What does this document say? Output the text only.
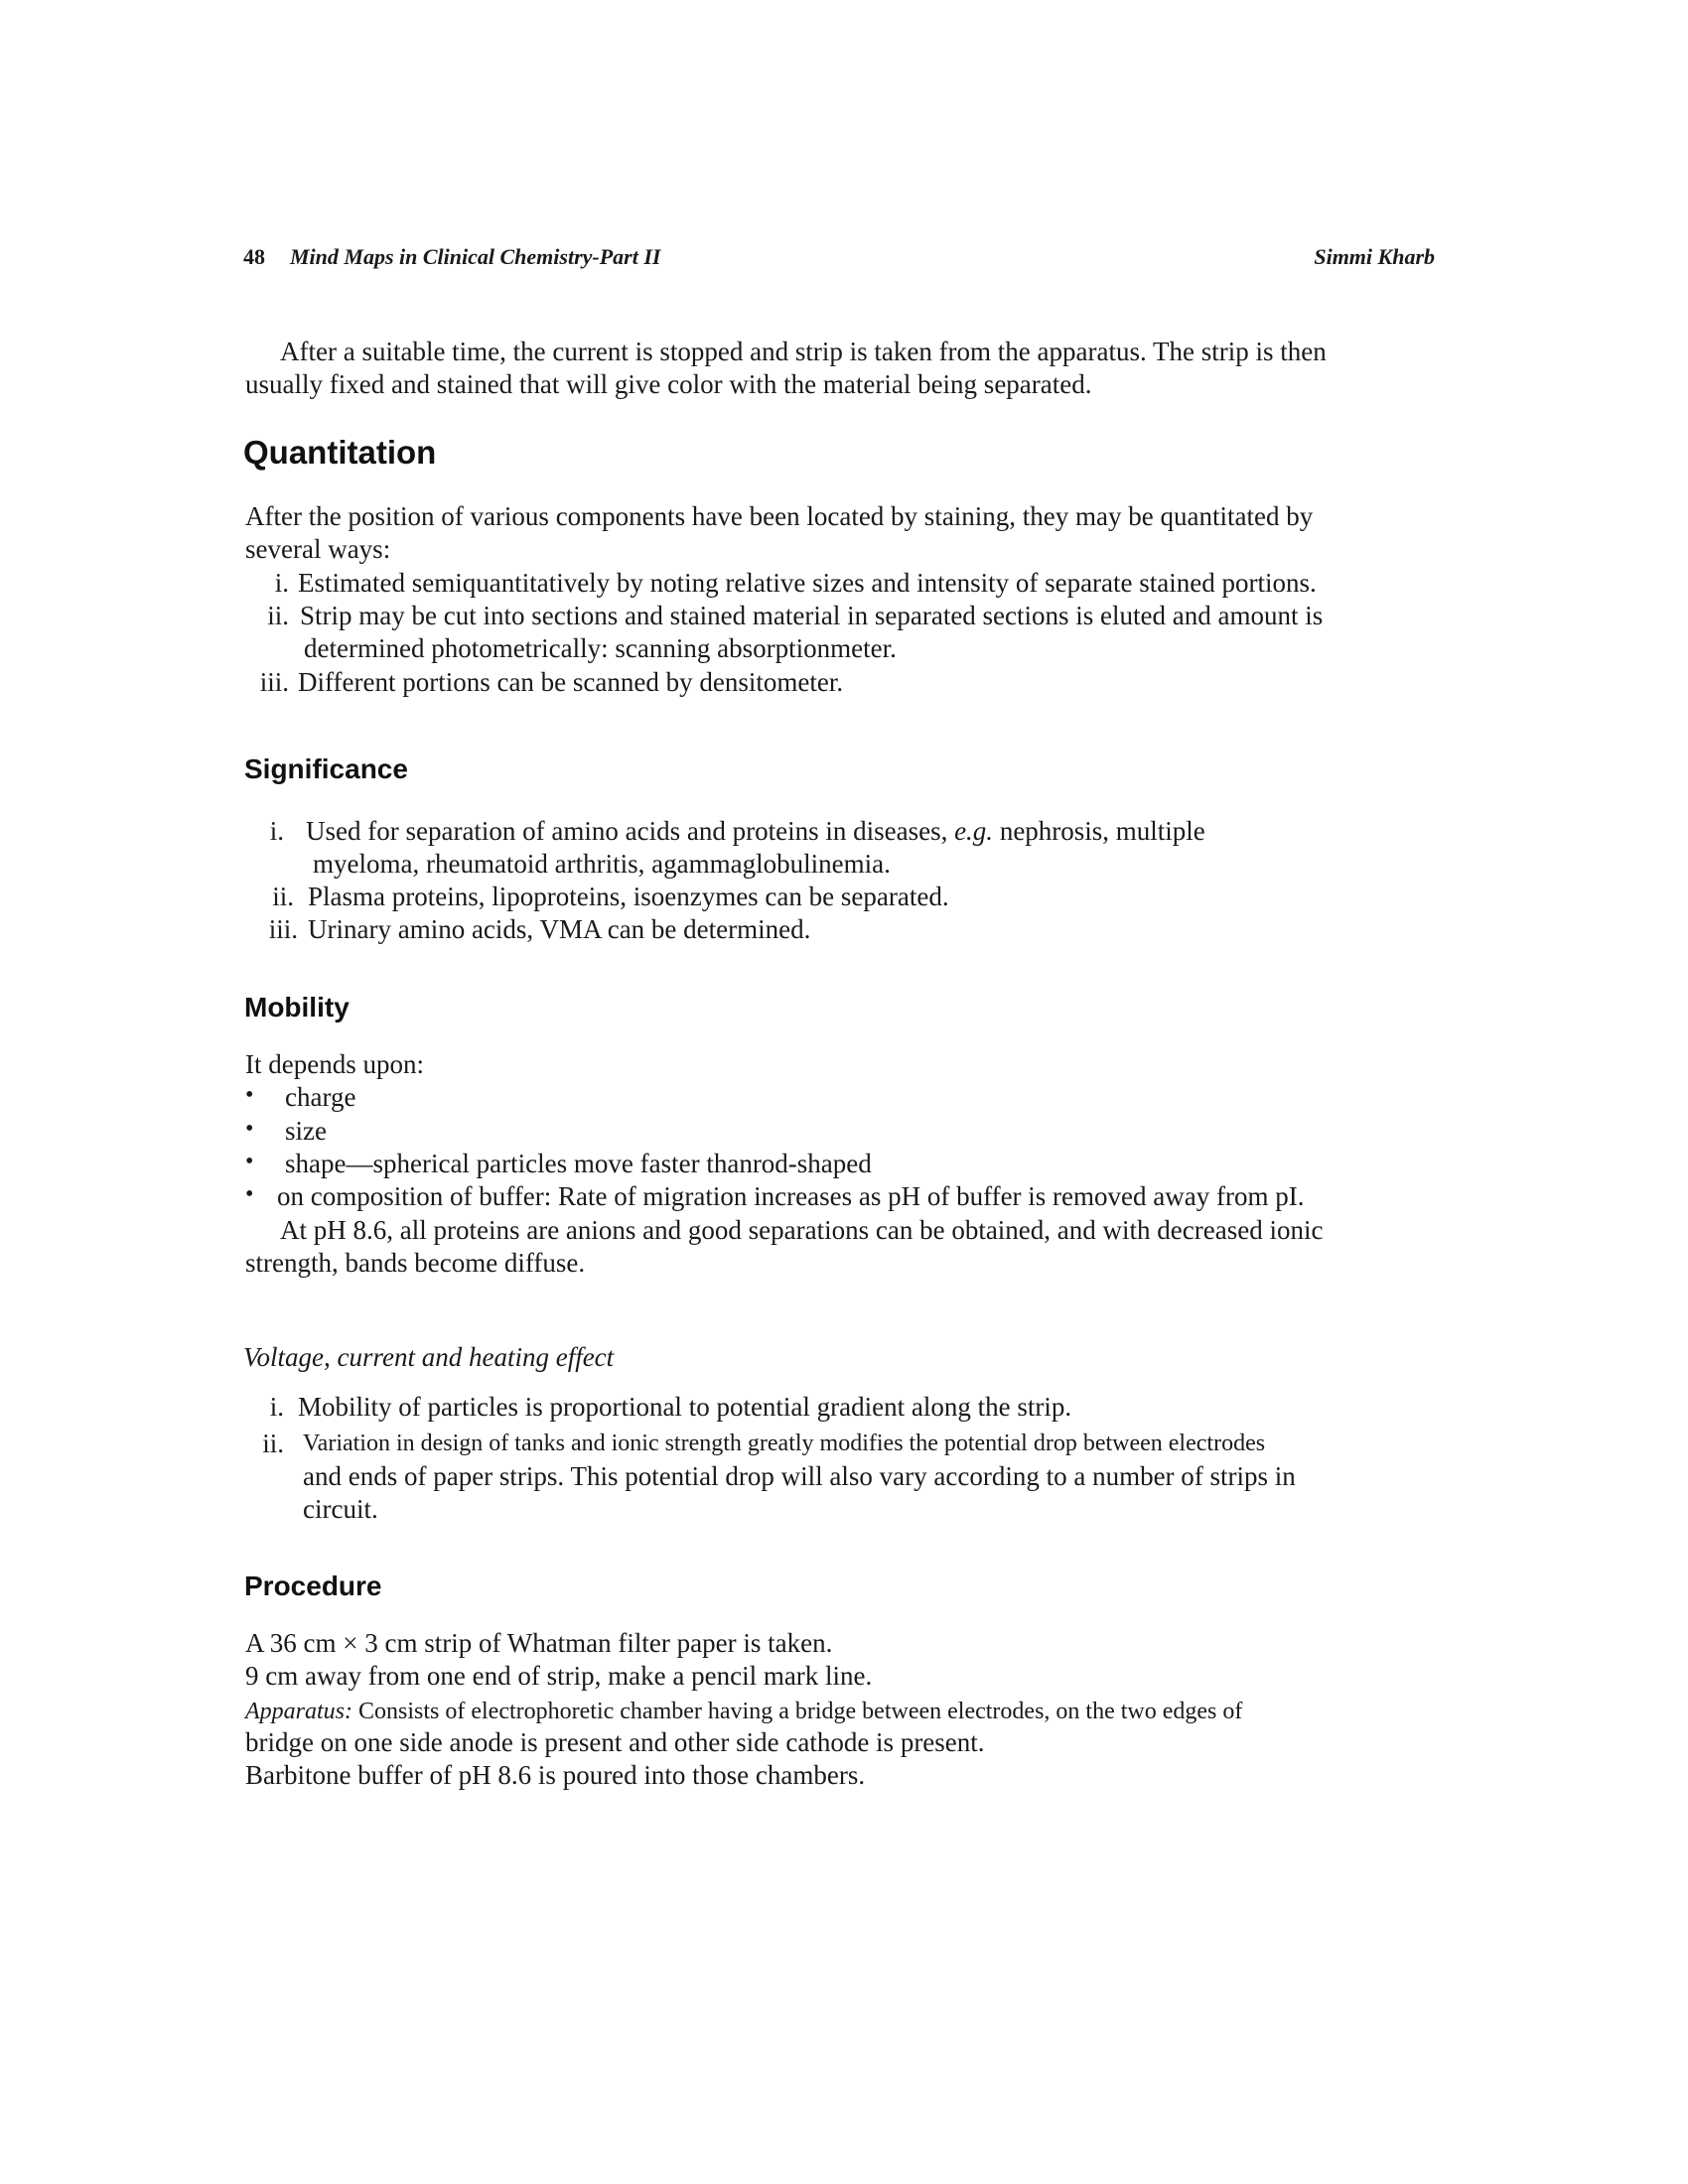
48 Mind Maps in Clinical Chemistry-Part II	Simmi Kharb
After a suitable time, the current is stopped and strip is taken from the apparatus. The strip is then
usually fixed and stained that will give color with the material being separated.
Quantitation
After the position of various components have been located by staining, they may be quantitated by
several ways:
i. Estimated semiquantitatively by noting relative sizes and intensity of separate stained portions.
ii. Strip may be cut into sections and stained material in separated sections is eluted and amount is
determined photometrically: scanning absorptionmeter.
iii. Different portions can be scanned by densitometer.
Significance
i. Used for separation of amino acids and proteins in diseases, e.g. nephrosis, multiple
myeloma, rheumatoid arthritis, agammaglobulinemia.
ii. Plasma proteins, lipoproteins, isoenzymes can be separated.
iii. Urinary amino acids, VMA can be determined.
Mobility
It depends upon:
• charge
• size
• shape—spherical particles move faster thanrod-shaped
• on composition of buffer: Rate of migration increases as pH of buffer is removed away from pI.
At pH 8.6, all proteins are anions and good separations can be obtained, and with decreased ionic
strength, bands become diffuse.
Voltage, current and heating effect
i. Mobility of particles is proportional to potential gradient along the strip.
ii. Variation in design of tanks and ionic strength greatly modifies the potential drop between electrodes
and ends of paper strips. This potential drop will also vary according to a number of strips in
circuit.
Procedure
A 36 cm × 3 cm strip of Whatman filter paper is taken.
9 cm away from one end of strip, make a pencil mark line.
Apparatus: Consists of electrophoretic chamber having a bridge between electrodes, on the two edges of
bridge on one side anode is present and other side cathode is present.
Barbitone buffer of pH 8.6 is poured into those chambers.
